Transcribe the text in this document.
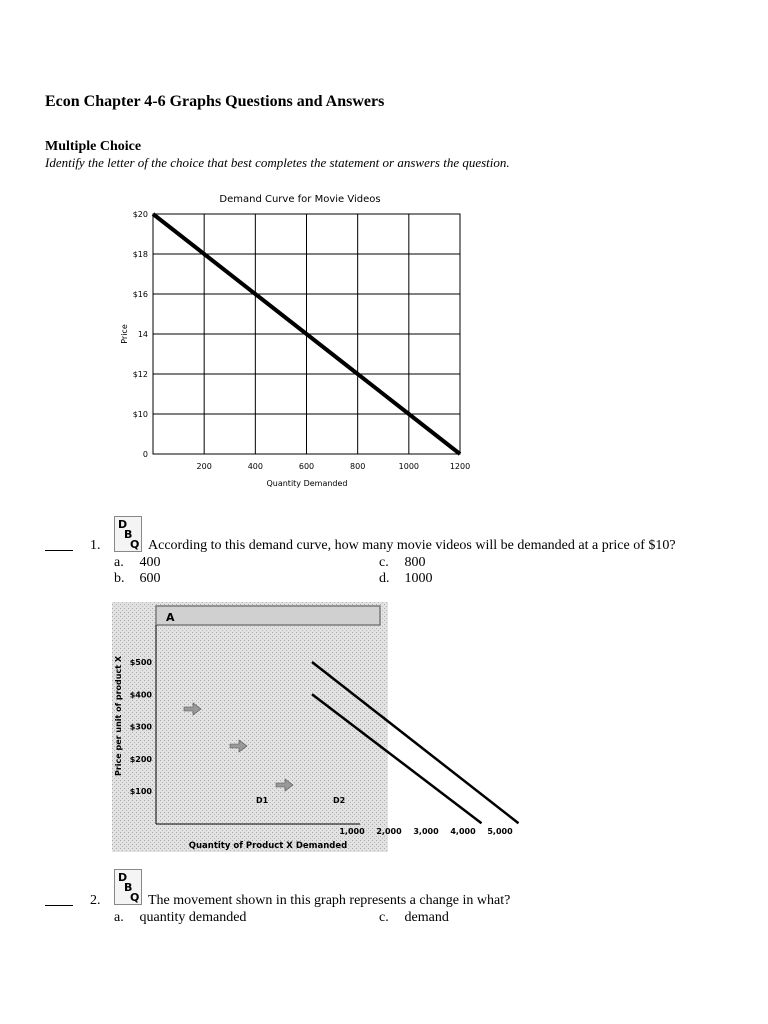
Econ Chapter 4-6 Graphs Questions and Answers
Multiple Choice
Identify the letter of the choice that best completes the statement or answers the question.
Demand Curve for Movie Videos
0
$10
$12
14
$16
$18
$20
200	400	600	800	1000	1200
Price
Quantity Demanded
D
B
Q
1.	According to this demand curve, how many movie videos will be demanded at a price of $10?
a. 400
b. 600
c. 800
d. 1000
A
$100
$200
$300
$400
$500
1,000 2,000 3,000 4,000 5,000
Price per unit of product X
Quantity of Product X Demanded
D1	D2
D
B
Q
2.	The movement shown in this graph represents a change in what?
a. quantity demanded	c. demand
